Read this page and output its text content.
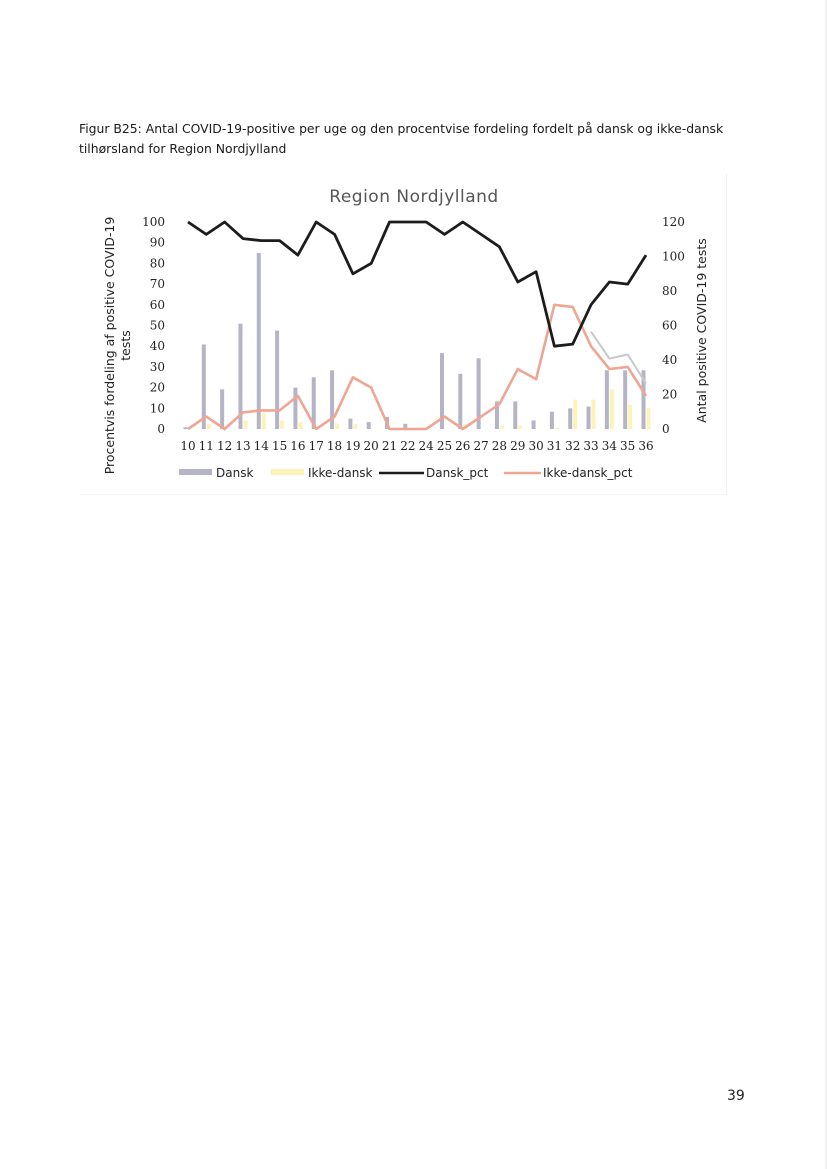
Figur B25: Antal COVID-19-positive per uge og den procentvise fordeling fordelt på dansk og ikke-dansk
tilhørsland for Region Nordjylland
Region Nordjylland
0
10
20
30
40
50
60
70
80
90
100
0
20
40
60
80
100
120
Procentvis fordeling af positive COVID-19tests	Antal positive COVID-19 tests
10 11 12 13 14 15 16 17 18 19 20 21 22 24 25 26 27 28 29 30 31 32 33 34 35 36
Dansk	Ikke-dansk	Dansk_pct	Ikke-dansk_pct
39
